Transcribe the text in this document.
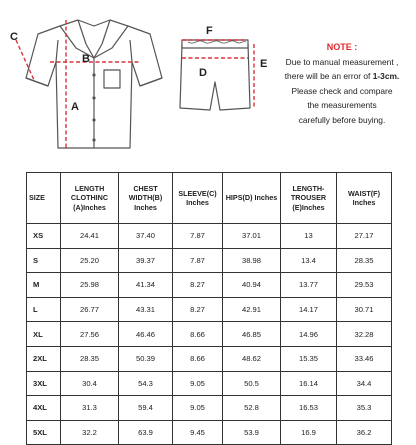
C
B
A
F
D
E
NOTE :
Due to manual measurement ,
there will be an error of 1-3cm.
Please check and compare
the measurements
carefully before buying.
SIZE	LENGTH CLOTHINC (A)Inches	CHEST WIDTH(B) Inches	SLEEVE(C) Inches	HIPS(D) Inches	LENGTH-TROUSER (E)Inches	WAIST(F) Inches
XS	24.41	37.40	7.87	37.01	13	27.17
S	25.20	39.37	7.87	38.98	13.4	28.35
M	25.98	41.34	8.27	40.94	13.77	29.53
L	26.77	43.31	8.27	42.91	14.17	30.71
XL	27.56	46.46	8.66	46.85	14.96	32.28
2XL	28.35	50.39	8.66	48.62	15.35	33.46
3XL	30.4	54.3	9.05	50.5	16.14	34.4
4XL	31.3	59.4	9.05	52.8	16.53	35.3
5XL	32.2	63.9	9.45	53.9	16.9	36.2
